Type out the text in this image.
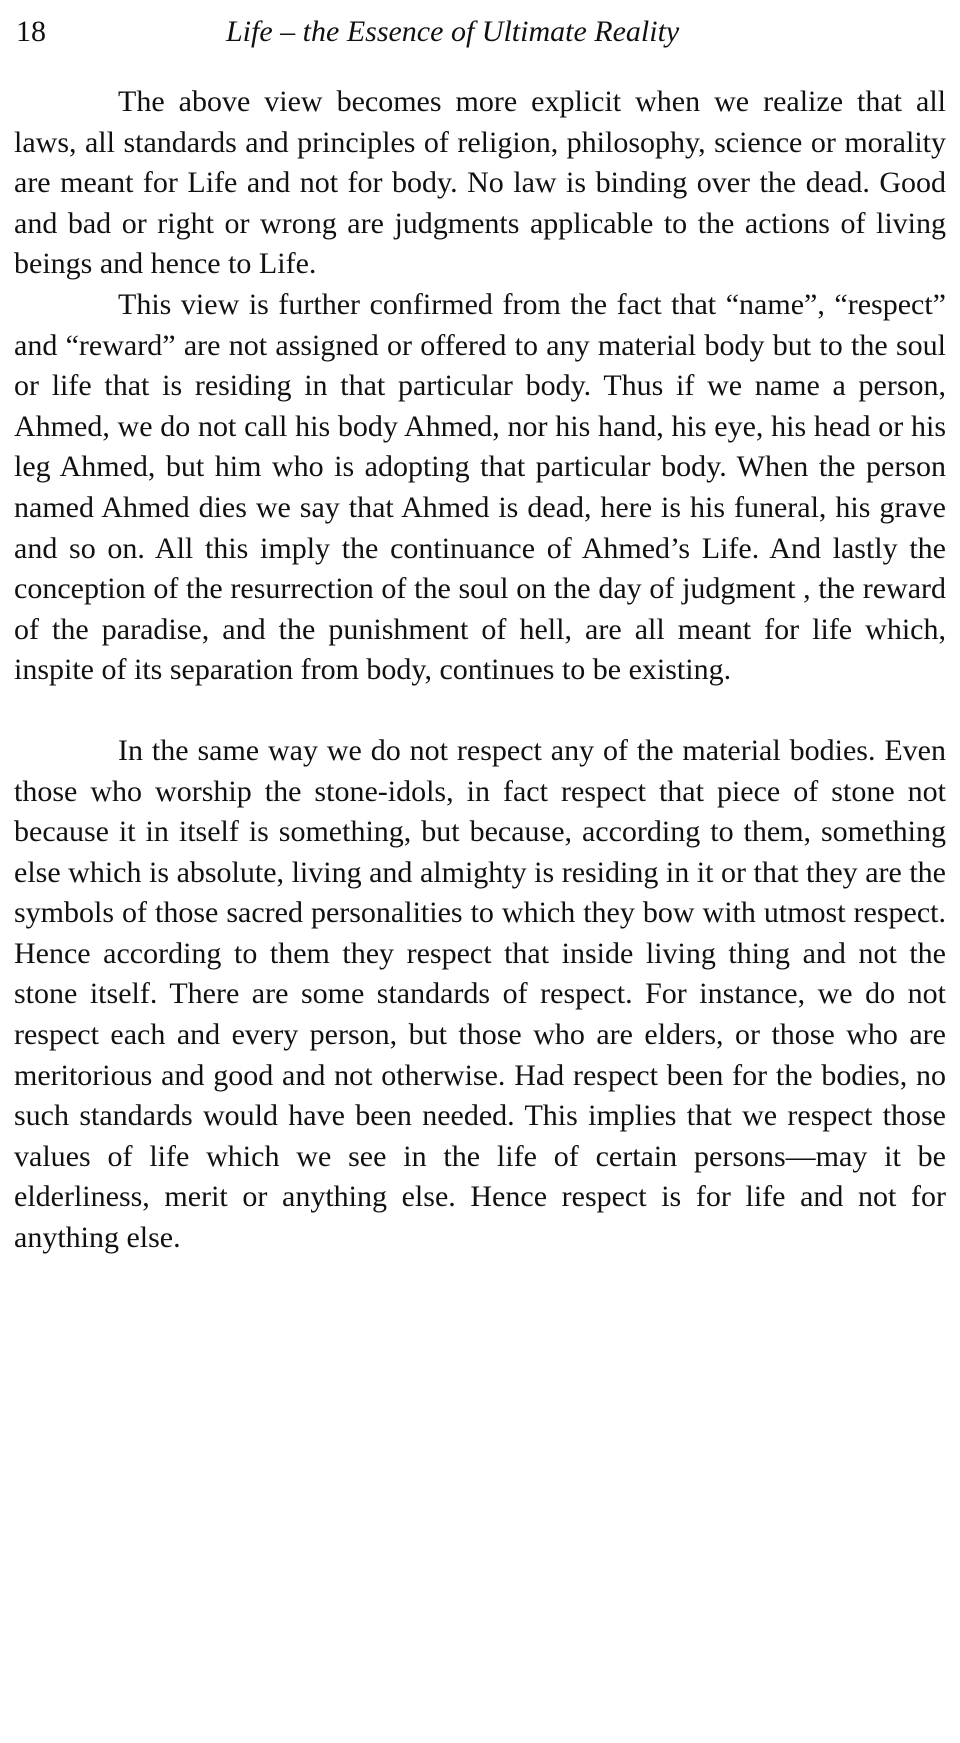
18	Life – the Essence of Ultimate Reality

The above view becomes more explicit when we realize that all laws, all standards and principles of religion, philosophy, science or morality are meant for Life and not for body. No law is binding over the dead. Good and bad or right or wrong are judgments applicable to the actions of living beings and hence to Life.

This view is further confirmed from the fact that “name”, “respect” and “reward” are not assigned or offered to any material body but to the soul or life that is residing in that particular body. Thus if we name a person, Ahmed, we do not call his body Ahmed, nor his hand, his eye, his head or his leg Ahmed, but him who is adopting that particular body. When the person named Ahmed dies we say that Ahmed is dead, here is his funeral, his grave and so on. All this imply the continuance of Ahmed’s Life. And lastly the conception of the resurrection of the soul on the day of judgment , the reward of the paradise, and the punishment of hell, are all meant for life which, inspite of its separation from body, continues to be existing.

In the same way we do not respect any of the material bodies. Even those who worship the stone-idols, in fact respect that piece of stone not because it in itself is something, but because, according to them, something else which is absolute, living and almighty is residing in it or that they are the symbols of those sacred personalities to which they bow with utmost respect. Hence according to them they respect that inside living thing and not the stone itself. There are some standards of respect. For instance, we do not respect each and every person, but those who are elders, or those who are meritorious and good and not otherwise. Had respect been for the bodies, no such standards would have been needed. This implies that we respect those values of life which we see in the life of certain persons—may it be elderliness, merit or anything else. Hence respect is for life and not for anything else.
